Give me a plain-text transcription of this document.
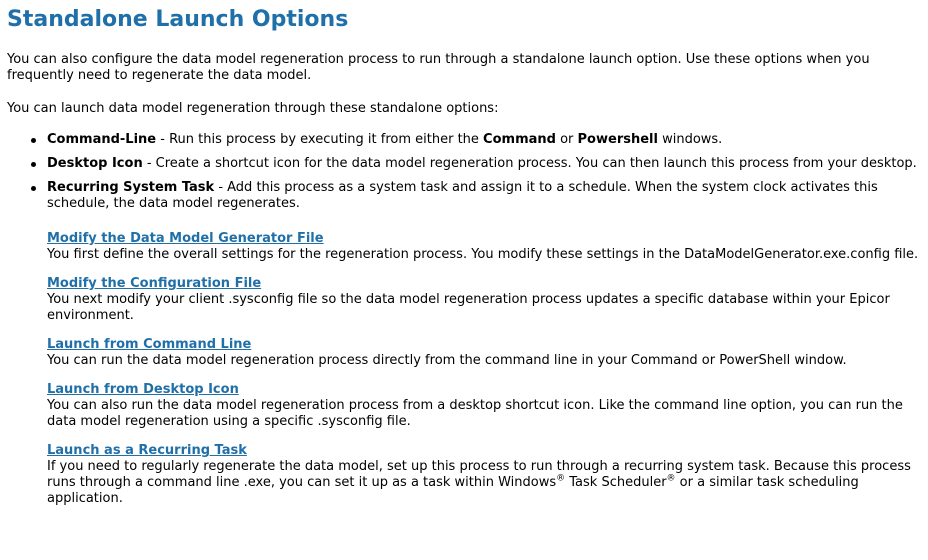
Standalone Launch Options

You can also configure the data model regeneration process to run through a standalone launch option. Use these options when you frequently need to regenerate the data model.

You can launch data model regeneration through these standalone options:

Command-Line - Run this process by executing it from either the Command or Powershell windows.
Desktop Icon - Create a shortcut icon for the data model regeneration process. You can then launch this process from your desktop.
Recurring System Task - Add this process as a system task and assign it to a schedule. When the system clock activates this schedule, the data model regenerates.
Modify the Data Model Generator File
You first define the overall settings for the regeneration process. You modify these settings in the DataModelGenerator.exe.config file.
Modify the Configuration File
You next modify your client .sysconfig file so the data model regeneration process updates a specific database within your Epicor environment.
Launch from Command Line
You can run the data model regeneration process directly from the command line in your Command or PowerShell window.
Launch from Desktop Icon
You can also run the data model regeneration process from a desktop shortcut icon. Like the command line option, you can run the data model regeneration using a specific .sysconfig file.
Launch as a Recurring Task
If you need to regularly regenerate the data model, set up this process to run through a recurring system task. Because this process runs through a command line .exe, you can set it up as a task within Windows® Task Scheduler® or a similar task scheduling application.
